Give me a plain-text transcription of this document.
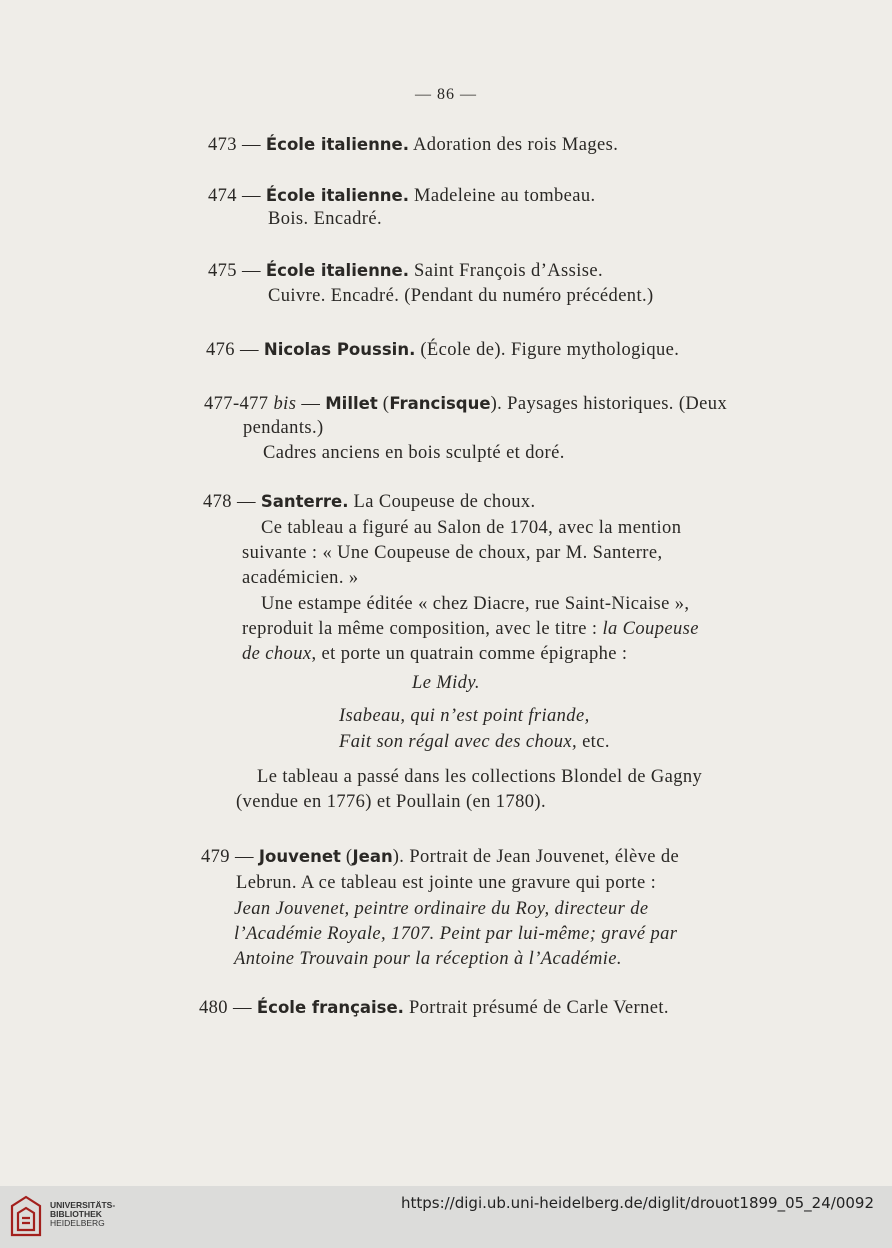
— 86 —
473 — École italienne. Adoration des rois Mages.
474 — École italienne. Madeleine au tombeau.
Bois. Encadré.
475 — École italienne. Saint François d’Assise.
Cuivre. Encadré. (Pendant du numéro précédent.)
476 — Nicolas Poussin. (École de). Figure mythologique.
477-477 bis — Millet (Francisque). Paysages historiques. (Deux
pendants.)
Cadres anciens en bois sculpté et doré.
478 — Santerre. La Coupeuse de choux.
Ce tableau a figuré au Salon de 1704, avec la mention
suivante : « Une Coupeuse de choux, par M. Santerre,
académicien. »
Une estampe éditée « chez Diacre, rue Saint-Nicaise »,
reproduit la même composition, avec le titre : la Coupeuse
de choux, et porte un quatrain comme épigraphe :
Le Midy.
Isabeau, qui n’est point friande,
Fait son régal avec des choux, etc.
Le tableau a passé dans les collections Blondel de Gagny
(vendue en 1776) et Poullain (en 1780).
479 — Jouvenet (Jean). Portrait de Jean Jouvenet, élève de
Lebrun. A ce tableau est jointe une gravure qui porte :
Jean Jouvenet, peintre ordinaire du Roy, directeur de
l’Académie Royale, 1707. Peint par lui-même; gravé par
Antoine Trouvain pour la réception à l’Académie.
480 — École française. Portrait présumé de Carle Vernet.
UNIVERSITÄTS-
BIBLIOTHEK
HEIDELBERG
https://digi.ub.uni-heidelberg.de/diglit/drouot1899_05_24/0092
